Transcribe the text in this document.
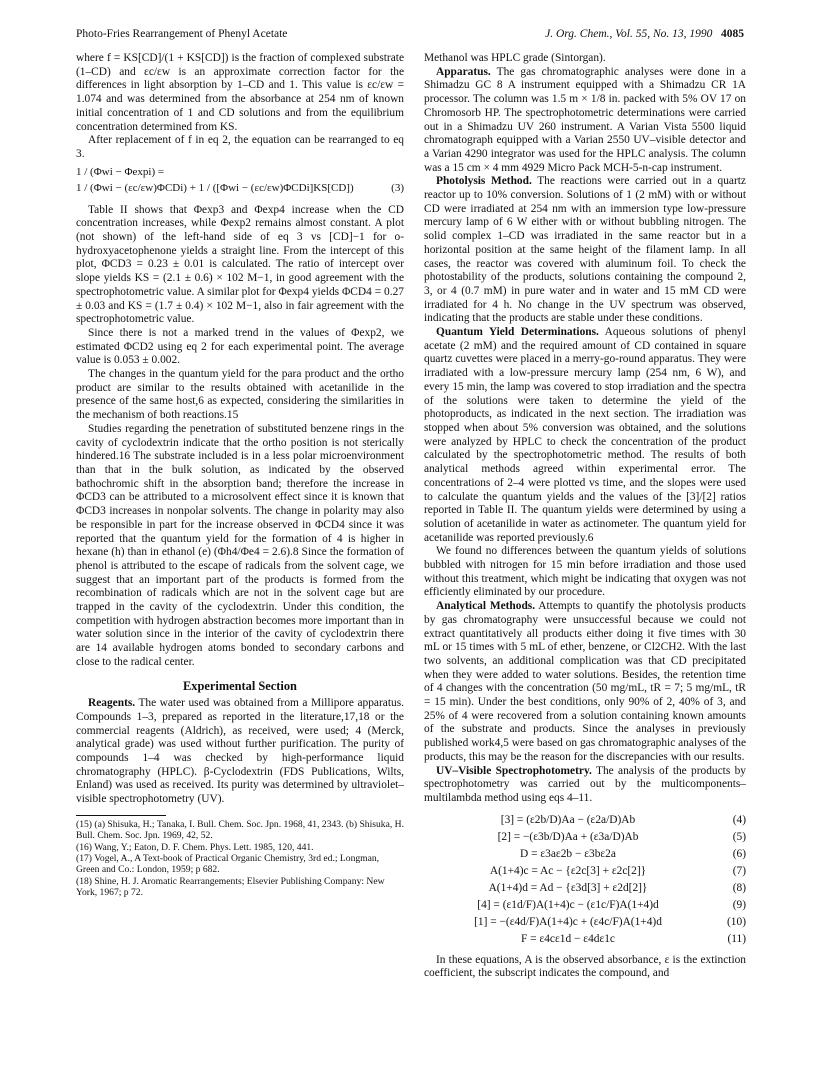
Photo-Fries Rearrangement of Phenyl Acetate	J. Org. Chem., Vol. 55, No. 13, 1990 4085

where f = KS[CD]/(1 + KS[CD]) is the fraction of complexed substrate (1–CD) and εc/εw is an approximate correction factor for the differences in light absorption by 1–CD and 1. This value is εc/εw = 1.074 and was determined from the absorbance at 254 nm of known initial concentration of 1 and CD solutions and from the equilibrium concentration determined from KS.

After replacement of f in eq 2, the equation can be rearranged to eq 3.

1 / (Φwi − Φexpi) =
1 / (Φwi − (εc/εw)ΦCDi) + 1 / ([Φwi − (εc/εw)ΦCDi]KS[CD])	(3)

Table II shows that Φexp3 and Φexp4 increase when the CD concentration increases, while Φexp2 remains almost constant. A plot (not shown) of the left-hand side of eq 3 vs [CD]−1 for o-hydroxyacetophenone yields a straight line. From the intercept of this plot, ΦCD3 = 0.23 ± 0.01 is calculated. The ratio of intercept over slope yields KS = (2.1 ± 0.6) × 102 M−1, in good agreement with the spectrophotometric value. A similar plot for Φexp4 yields ΦCD4 = 0.27 ± 0.03 and KS = (1.7 ± 0.4) × 102 M−1, also in fair agreement with the spectrophotometric value.

Since there is not a marked trend in the values of Φexp2, we estimated ΦCD2 using eq 2 for each experimental point. The average value is 0.053 ± 0.002.

The changes in the quantum yield for the para product and the ortho product are similar to the results obtained with acetanilide in the presence of the same host,6 as expected, considering the similarities in the mechanism of both reactions.15

Studies regarding the penetration of substituted benzene rings in the cavity of cyclodextrin indicate that the ortho position is not sterically hindered.16 The substrate included is in a less polar microenvironment than that in the bulk solution, as indicated by the observed bathochromic shift in the absorption band; therefore the increase in ΦCD3 can be attributed to a microsolvent effect since it is known that ΦCD3 increases in nonpolar solvents. The change in polarity may also be responsible in part for the increase observed in ΦCD4 since it was reported that the quantum yield for the formation of 4 is higher in hexane (h) than in ethanol (e) (Φh4/Φe4 = 2.6).8 Since the formation of phenol is attributed to the escape of radicals from the solvent cage, we suggest that an important part of the products is formed from the recombination of radicals which are not in the solvent cage but are trapped in the cavity of the cyclodextrin. Under this condition, the competition with hydrogen abstraction becomes more important than in water solution since in the interior of the cavity of cyclodextrin there are 14 available hydrogen atoms bonded to secondary carbons and close to the radical center.

Experimental Section

Reagents. The water used was obtained from a Millipore apparatus. Compounds 1–3, prepared as reported in the literature,17,18 or the commercial reagents (Aldrich), as received, were used; 4 (Merck, analytical grade) was used without further purification. The purity of compounds 1–4 was checked by high-performance liquid chromatography (HPLC). β-Cyclodextrin (FDS Publications, Wilts, Enland) was used as received. Its purity was determined by ultraviolet–visible spectrophotometry (UV).

(15) (a) Shisuka, H.; Tanaka, I. Bull. Chem. Soc. Jpn. 1968, 41, 2343. (b) Shisuka, H. Bull. Chem. Soc. Jpn. 1969, 42, 52.
(16) Wang, Y.; Eaton, D. F. Chem. Phys. Lett. 1985, 120, 441.
(17) Vogel, A., A Text-book of Practical Organic Chemistry, 3rd ed.; Longman, Green and Co.: London, 1959; p 682.
(18) Shine, H. J. Aromatic Rearrangements; Elsevier Publishing Company: New York, 1967; p 72.

Methanol was HPLC grade (Sintorgan).

Apparatus. The gas chromatographic analyses were done in a Shimadzu GC 8 A instrument equipped with a Shimadzu CR 1A processor. The column was 1.5 m × 1/8 in. packed with 5% OV 17 on Chromosorb HP. The spectrophotometric determinations were carried out in a Shimadzu UV 260 instrument. A Varian Vista 5500 liquid chromatograph equipped with a Varian 2550 UV–visible detector and a Varian 4290 integrator was used for the HPLC analysis. The column was a 15 cm × 4 mm 4929 Micro Pack MCH-5-n-cap instrument.

Photolysis Method. The reactions were carried out in a quartz reactor up to 10% conversion. Solutions of 1 (2 mM) with or without CD were irradiated at 254 nm with an immersion type low-pressure mercury lamp of 6 W either with or without bubbling nitrogen. The solid complex 1–CD was irradiated in the same reactor but in a horizontal position at the same height of the filament lamp. In all cases, the reactor was covered with aluminum foil. To check the photostability of the products, solutions containing the compound 2, 3, or 4 (0.7 mM) in pure water and in water and 15 mM CD were irradiated for 4 h. No change in the UV spectrum was observed, indicating that the products are stable under these conditions.

Quantum Yield Determinations. Aqueous solutions of phenyl acetate (2 mM) and the required amount of CD contained in square quartz cuvettes were placed in a merry-go-round apparatus. They were irradiated with a low-pressure mercury lamp (254 nm, 6 W), and every 15 min, the lamp was covered to stop irradiation and the spectra of the solutions were taken to determine the yield of the photoproducts, as indicated in the next section. The irradiation was stopped when about 5% conversion was obtained, and the solutions were analyzed by HPLC to check the concentration of the product calculated by the spectrophotometric method. The results of both analytical methods agreed within experimental error. The concentrations of 2–4 were plotted vs time, and the slopes were used to calculate the quantum yields and the values of the [3]/[2] ratios reported in Table II. The quantum yields were determined by using a solution of acetanilide in water as actinometer. The quantum yield for acetanilide was reported previously.6

We found no differences between the quantum yields of solutions bubbled with nitrogen for 15 min before irradiation and those used without this treatment, which might be indicating that oxygen was not efficiently eliminated by our procedure.

Analytical Methods. Attempts to quantify the photolysis products by gas chromatography were unsuccessful because we could not extract quantitatively all products either doing it five times with 30 mL or 15 times with 5 mL of ether, benzene, or Cl2CH2. With the last two solvents, an additional complication was that CD precipitated when they were added to water solutions. Besides, the retention time of 4 changes with the concentration (50 mg/mL, tR = 7; 5 mg/mL, tR = 15 min). Under the best conditions, only 90% of 2, 40% of 3, and 25% of 4 were recovered from a solution containing known amounts of the substrate and products. Since the analyses in previously published work4,5 were based on gas chromatographic analyses of the products, this may be the reason for the discrepancies with our results.

UV–Visible Spectrophotometry. The analysis of the products by spectrophotometry was carried out by the multicomponents–multilambda method using eqs 4–11.

[3] = (ε2b/D)Aa − (ε2a/D)Ab	(4)
[2] = −(ε3b/D)Aa + (ε3a/D)Ab	(5)
D = ε3aε2b − ε3bε2a	(6)
A(1+4)c = Ac − {ε2c[3] + ε2c[2]}	(7)
A(1+4)d = Ad − {ε3d[3] + ε2d[2]}	(8)
[4] = (ε1d/F)A(1+4)c − (ε1c/F)A(1+4)d	(9)
[1] = −(ε4d/F)A(1+4)c + (ε4c/F)A(1+4)d	(10)
F = ε4cε1d − ε4dε1c	(11)

In these equations, A is the observed absorbance, ε is the extinction coefficient, the subscript indicates the compound, and
